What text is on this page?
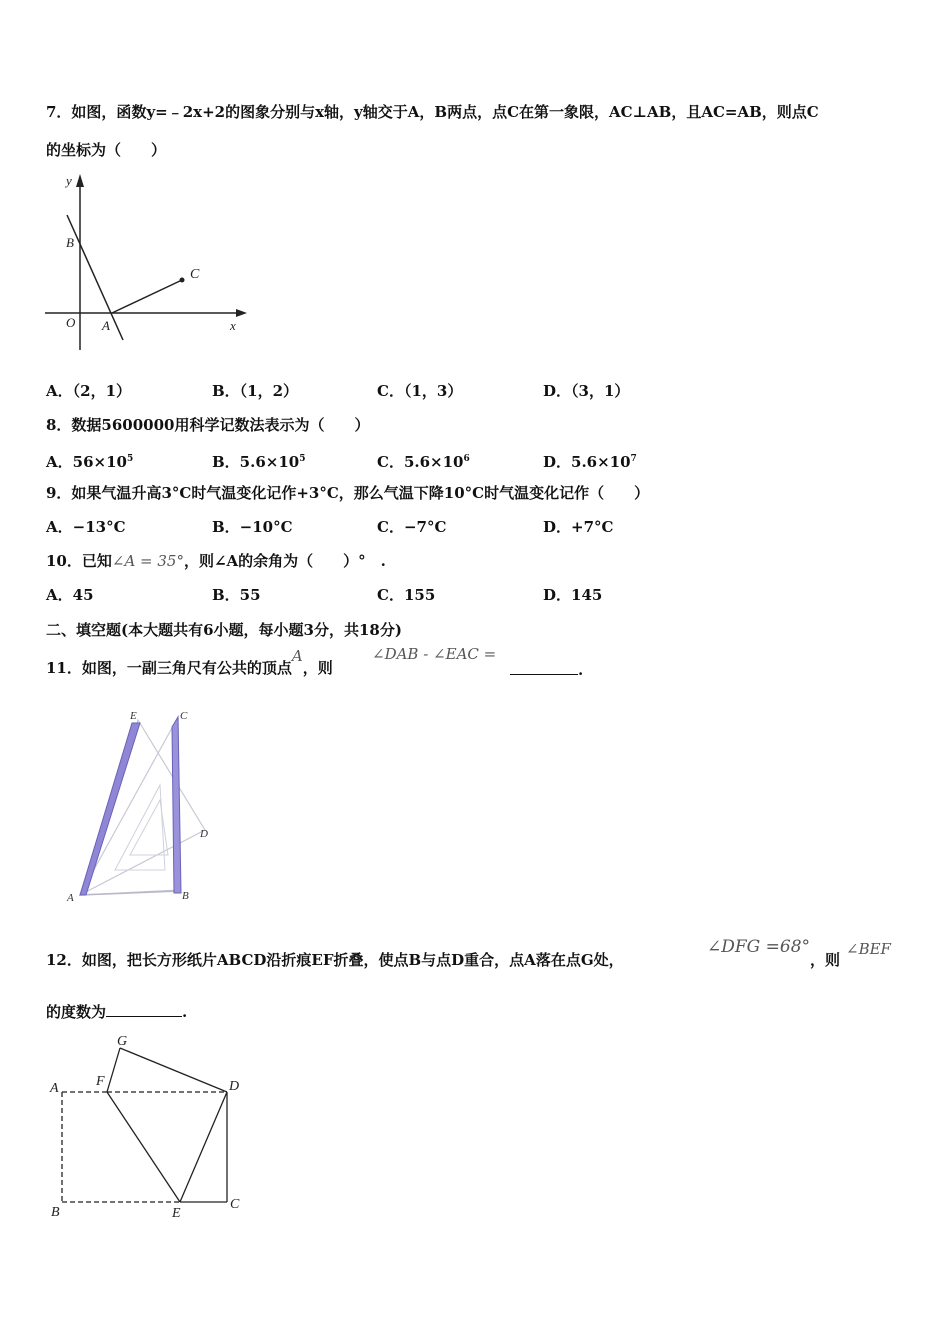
7．如图，函数y=﹣2x+2的图象分别与x轴，y轴交于A，B两点，点C在第一象限，AC⊥AB，且AC=AB，则点C
的坐标为（　　）
y
B
C
O A	x
A．（2，1）	B．（1，2）	C．（1，3）	D．（3，1）
8．数据5600000用科学记数法表示为（　　）
A．$56\times 10^5$	B．$5.6\times 10^5$	C．$5.6\times 10^6$	D．$5.6\times 10^7$
9．如果气温升高3°C时气温变化记作+3°C，那么气温下降10°C时气温变化记作（　　）
A．−13°C	B．−10°C	C．−7°C	D．+7°C
10．已知∠A = 35°，则∠A的余角为（　　）°　.
A．45	B．55	C．155	D．145
二、填空题(本大题共有6小题，每小题3分，共18分)
11．如图，一副三角尺有公共的顶点A，则
∠DAB - ∠EAC =
.
E	C
D
A	B
12．如图，把长方形纸片ABCD沿折痕EF折叠，使点B与点D重合，点A落在点G处，
∠DFG =68°
，则
∠BEF
的度数为	.
G
A	F	D
B	E
C
